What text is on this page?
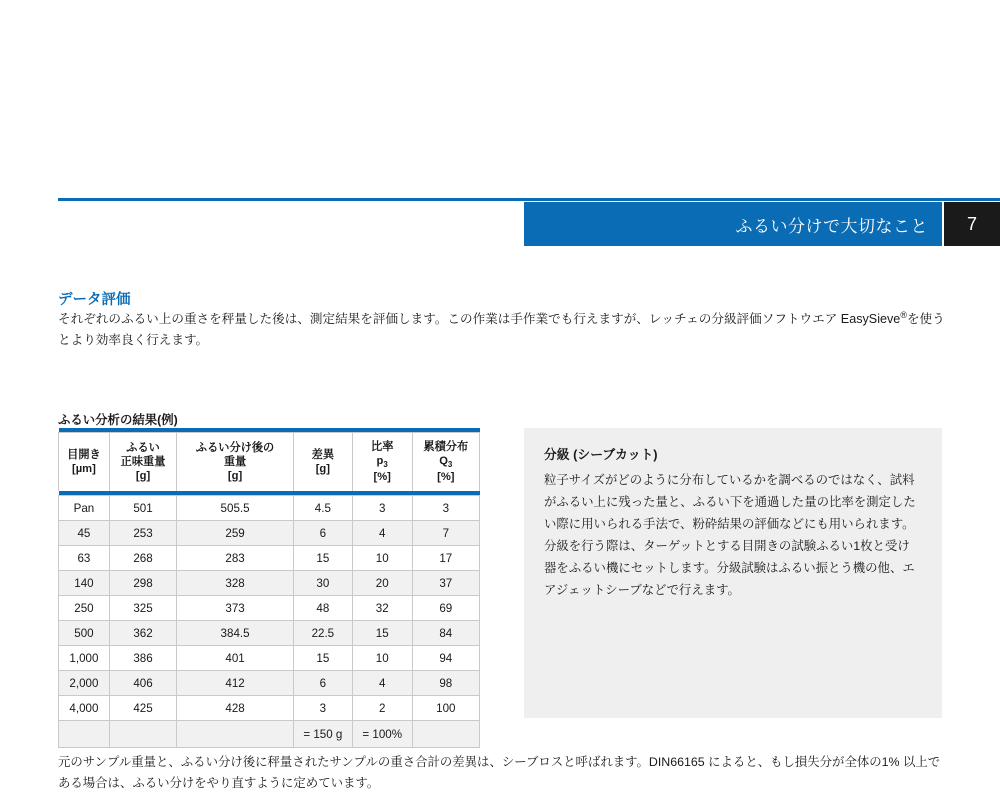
ふるい分けで大切なこと	7
データ評価
それぞれのふるい上の重さを秤量した後は、測定結果を評価します。この作業は手作業でも行えますが、レッチェの分級評価ソフトウエア EasySieve®を使うとより効率良く行えます。
ふるい分析の結果(例)

目開き
[µm]

ふるい
正味重量
[g]

ふるい分け後の
重量
[g]

差異
[g]

比率
$p_3$
[%]

累積分布
$Q_3$
[%]

Pan	501	505.5	4.5	3	3
45	253	259	6	4	7
63	268	283	15	10	17
140	298	328	30	20	37
250	325	373	48	32	69
500	362	384.5	22.5	15	84
1,000	386	401	15	10	94
2,000	406	412	6	4	98
4,000	425	428	3	2	100
			= 150 g	= 100%	
分級 (シーブカット)
粒子サイズがどのように分布しているかを調べるのではなく、試料がふるい上に残った量と、ふるい下を通過した量の比率を測定したい際に用いられる手法で、粉砕結果の評価などにも用いられます。分級を行う際は、ターゲットとする目開きの試験ふるい1枚と受け器をふるい機にセットします。分級試験はふるい振とう機の他、エアジェットシーブなどで行えます。
元のサンプル重量と、ふるい分け後に秤量されたサンプルの重さ合計の差異は、シーブロスと呼ばれます。DIN66165 によると、もし損失分が全体の1% 以上である場合は、ふるい分けをやり直すように定めています。
